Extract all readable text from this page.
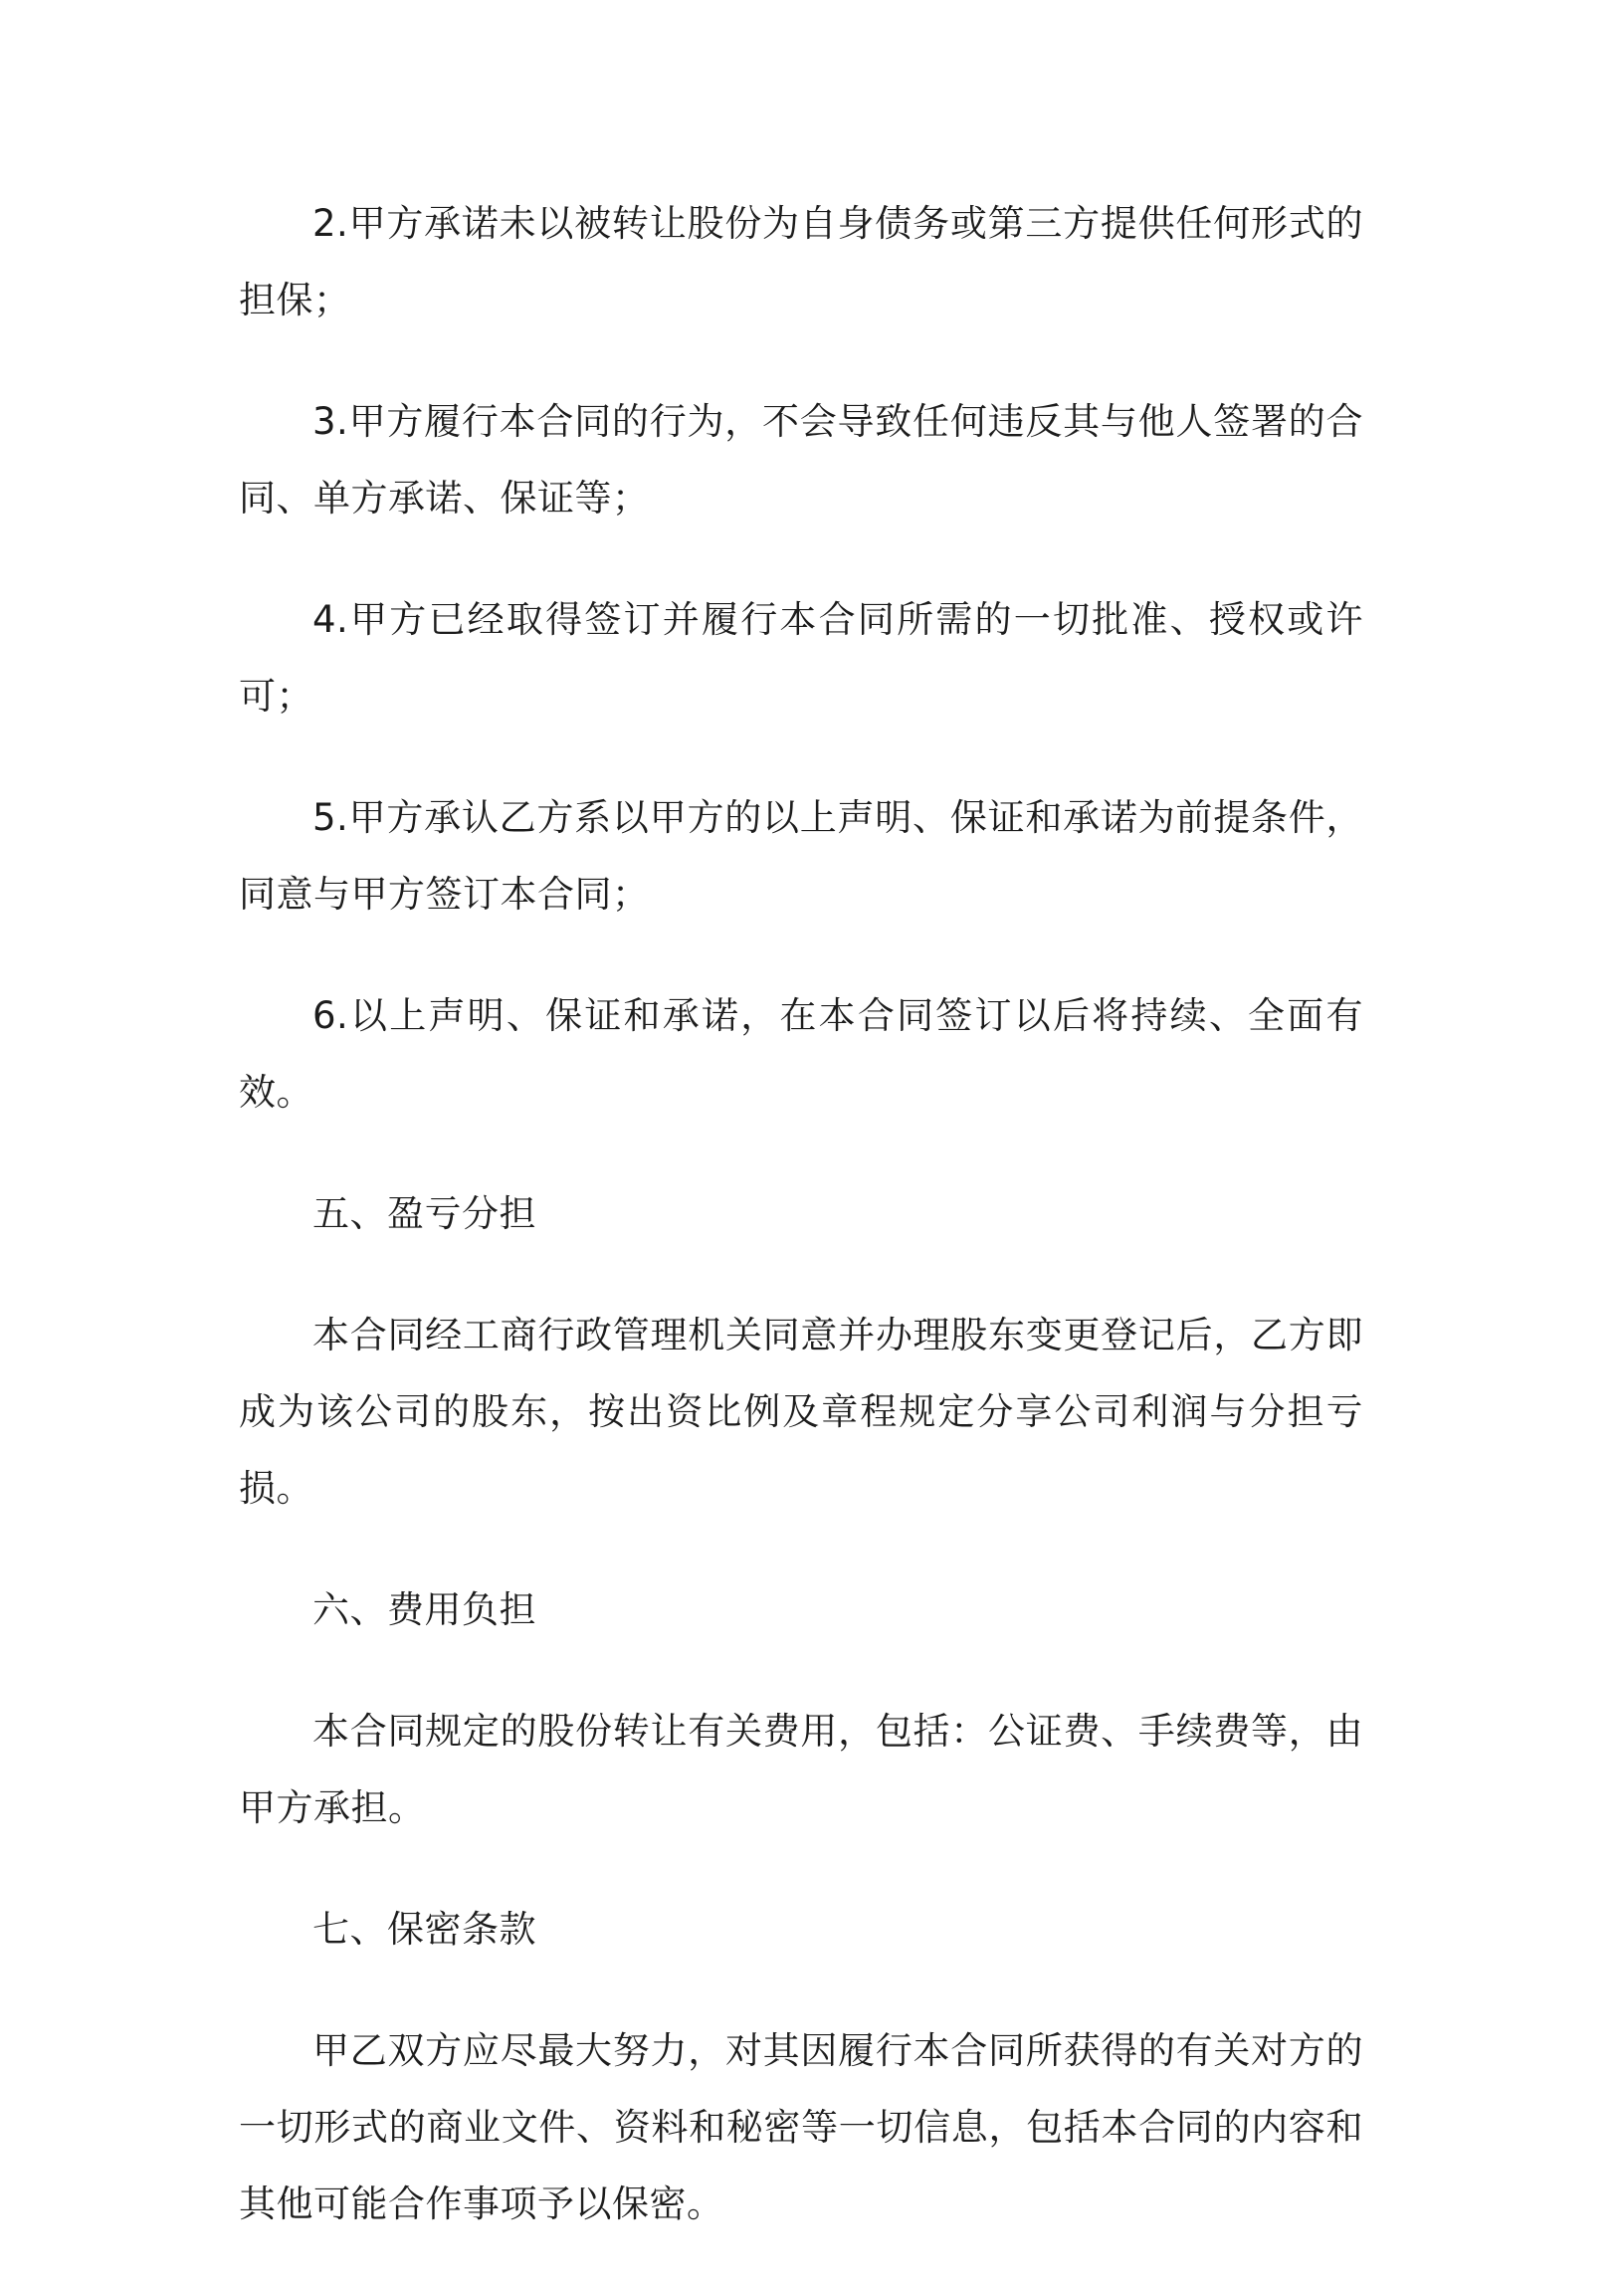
2.甲方承诺未以被转让股份为自身债务或第三方提供任何形式的担保；

3.甲方履行本合同的行为，不会导致任何违反其与他人签署的合同、单方承诺、保证等；

4.甲方已经取得签订并履行本合同所需的一切批准、授权或许可；

5.甲方承认乙方系以甲方的以上声明、保证和承诺为前提条件，同意与甲方签订本合同；

6.以上声明、保证和承诺，在本合同签订以后将持续、全面有效。

五、盈亏分担

本合同经工商行政管理机关同意并办理股东变更登记后，乙方即成为该公司的股东，按出资比例及章程规定分享公司利润与分担亏损。

六、费用负担

本合同规定的股份转让有关费用，包括：公证费、手续费等，由甲方承担。

七、保密条款

甲乙双方应尽最大努力，对其因履行本合同所获得的有关对方的一切形式的商业文件、资料和秘密等一切信息，包括本合同的内容和其他可能合作事项予以保密。
